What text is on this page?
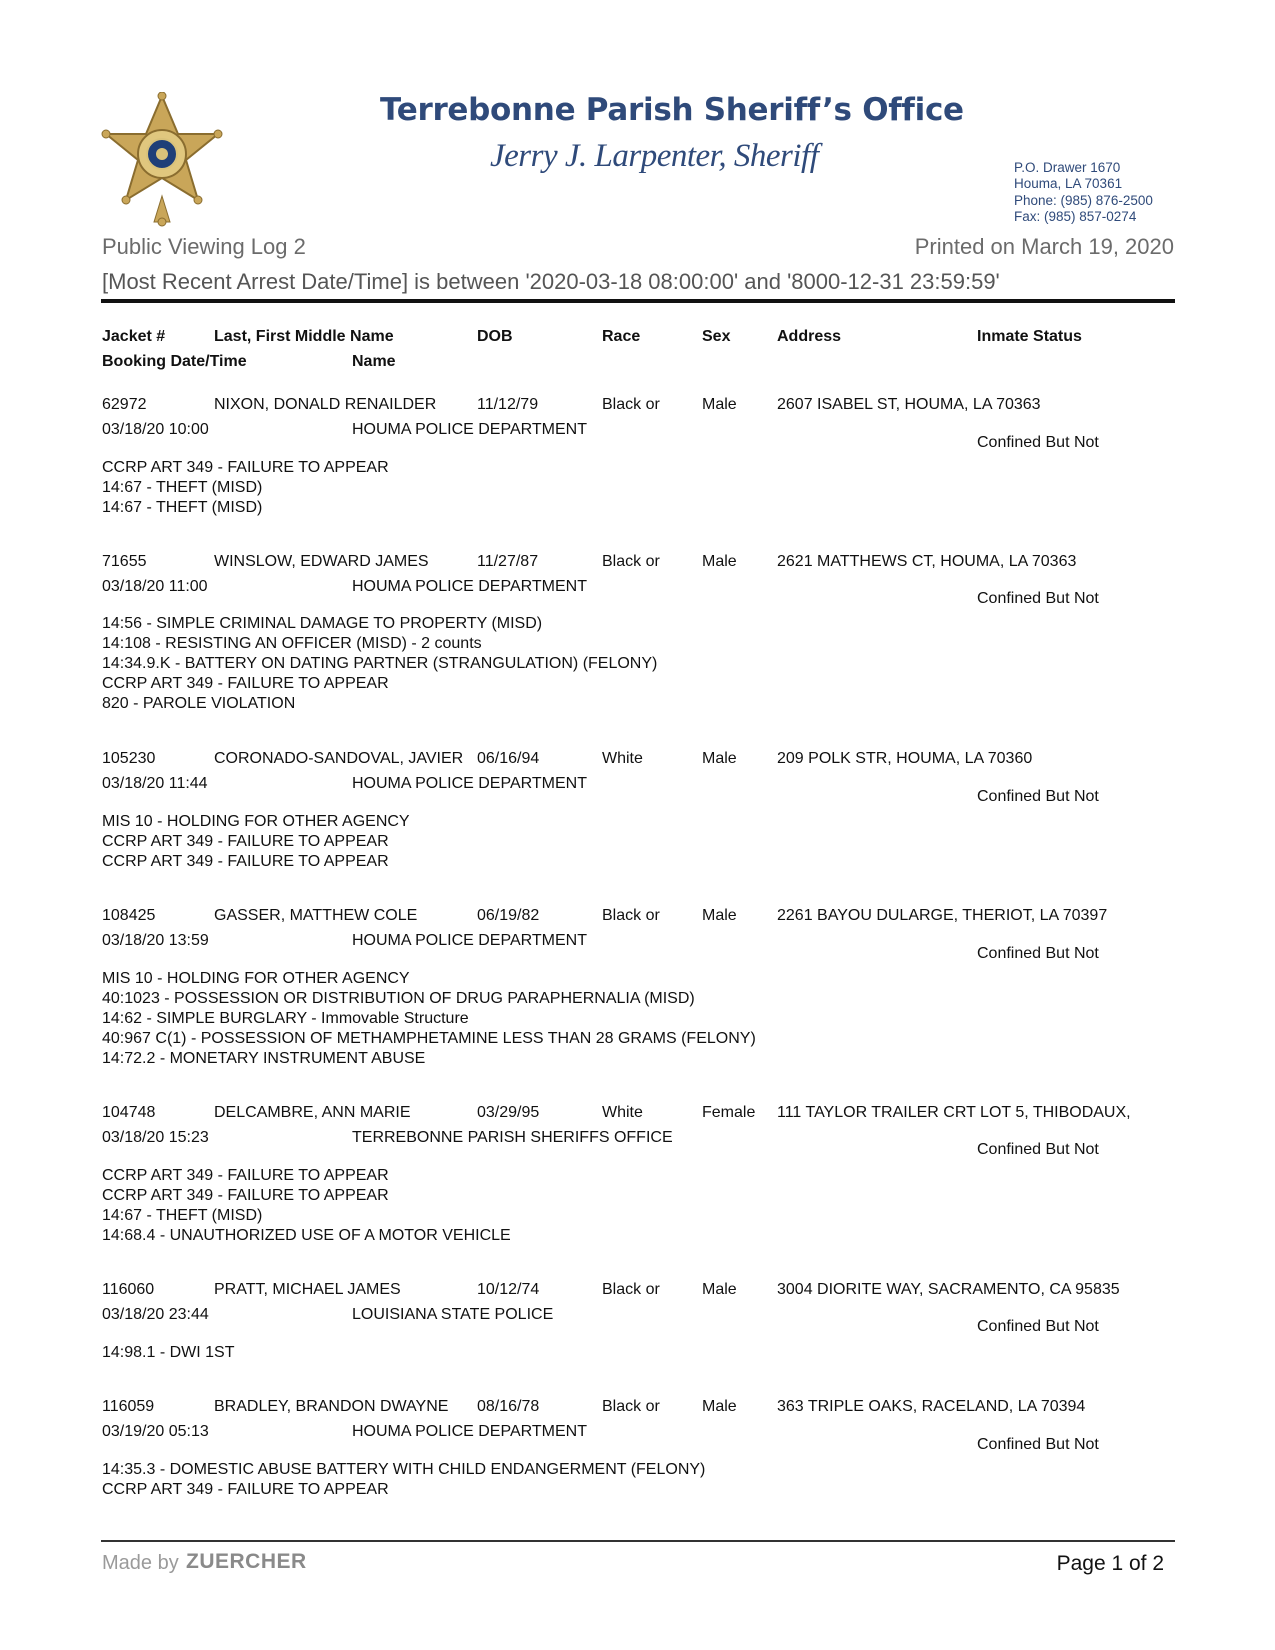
Terrebonne Parish Sheriff’s Office
Jerry J. Larpenter, Sheriff	P.O. Drawer 1670
Houma, LA 70361
Phone: (985) 876-2500
Fax: (985) 857-0274
Public Viewing Log 2	Printed on March 19, 2020
[Most Recent Arrest Date/Time] is between '2020-03-18 08:00:00' and '8000-12-31 23:59:59'
Jacket #	Last, First Middle Name	DOB	Race	Sex	Address	Inmate Status
Booking Date/Time	Name
62972	NIXON, DONALD RENAILDER	11/12/79	Black or	Male	2607 ISABEL ST, HOUMA, LA 70363
03/18/20 10:00	HOUMA POLICE DEPARTMENT
Confined But Not
CCRP ART 349 - FAILURE TO APPEAR
14:67 - THEFT (MISD)
14:67 - THEFT (MISD)
71655	WINSLOW, EDWARD JAMES	11/27/87	Black or	Male	2621 MATTHEWS CT, HOUMA, LA 70363
03/18/20 11:00	HOUMA POLICE DEPARTMENT
Confined But Not
14:56 - SIMPLE CRIMINAL DAMAGE TO PROPERTY (MISD)
14:108 - RESISTING AN OFFICER (MISD) - 2 counts
14:34.9.K - BATTERY ON DATING PARTNER (STRANGULATION) (FELONY)
CCRP ART 349 - FAILURE TO APPEAR
820 - PAROLE VIOLATION
105230	CORONADO-SANDOVAL, JAVIER 06/16/94	White	Male	209 POLK STR, HOUMA, LA 70360
03/18/20 11:44	HOUMA POLICE DEPARTMENT
Confined But Not
MIS 10 - HOLDING FOR OTHER AGENCY
CCRP ART 349 - FAILURE TO APPEAR
CCRP ART 349 - FAILURE TO APPEAR
108425	GASSER, MATTHEW COLE	06/19/82	Black or	Male	2261 BAYOU DULARGE, THERIOT, LA 70397
03/18/20 13:59	HOUMA POLICE DEPARTMENT
Confined But Not
MIS 10 - HOLDING FOR OTHER AGENCY
40:1023 - POSSESSION OR DISTRIBUTION OF DRUG PARAPHERNALIA (MISD)
14:62 - SIMPLE BURGLARY - Immovable Structure
40:967 C(1) - POSSESSION OF METHAMPHETAMINE LESS THAN 28 GRAMS (FELONY)
14:72.2 - MONETARY INSTRUMENT ABUSE
104748	DELCAMBRE, ANN MARIE	03/29/95	White	Female 111 TAYLOR TRAILER CRT LOT 5, THIBODAUX,
03/18/20 15:23	TERREBONNE PARISH SHERIFFS OFFICE
Confined But Not
CCRP ART 349 - FAILURE TO APPEAR
CCRP ART 349 - FAILURE TO APPEAR
14:67 - THEFT (MISD)
14:68.4 - UNAUTHORIZED USE OF A MOTOR VEHICLE
116060	PRATT, MICHAEL JAMES	10/12/74	Black or	Male	3004 DIORITE WAY, SACRAMENTO, CA 95835
03/18/20 23:44	LOUISIANA STATE POLICE
Confined But Not
14:98.1 - DWI 1ST
116059	BRADLEY, BRANDON DWAYNE 08/16/78	Black or	Male	363 TRIPLE OAKS, RACELAND, LA 70394
03/19/20 05:13	HOUMA POLICE DEPARTMENT
Confined But Not
14:35.3 - DOMESTIC ABUSE BATTERY WITH CHILD ENDANGERMENT (FELONY)
CCRP ART 349 - FAILURE TO APPEAR
Made by ZUERCHER	Page 1 of 2
